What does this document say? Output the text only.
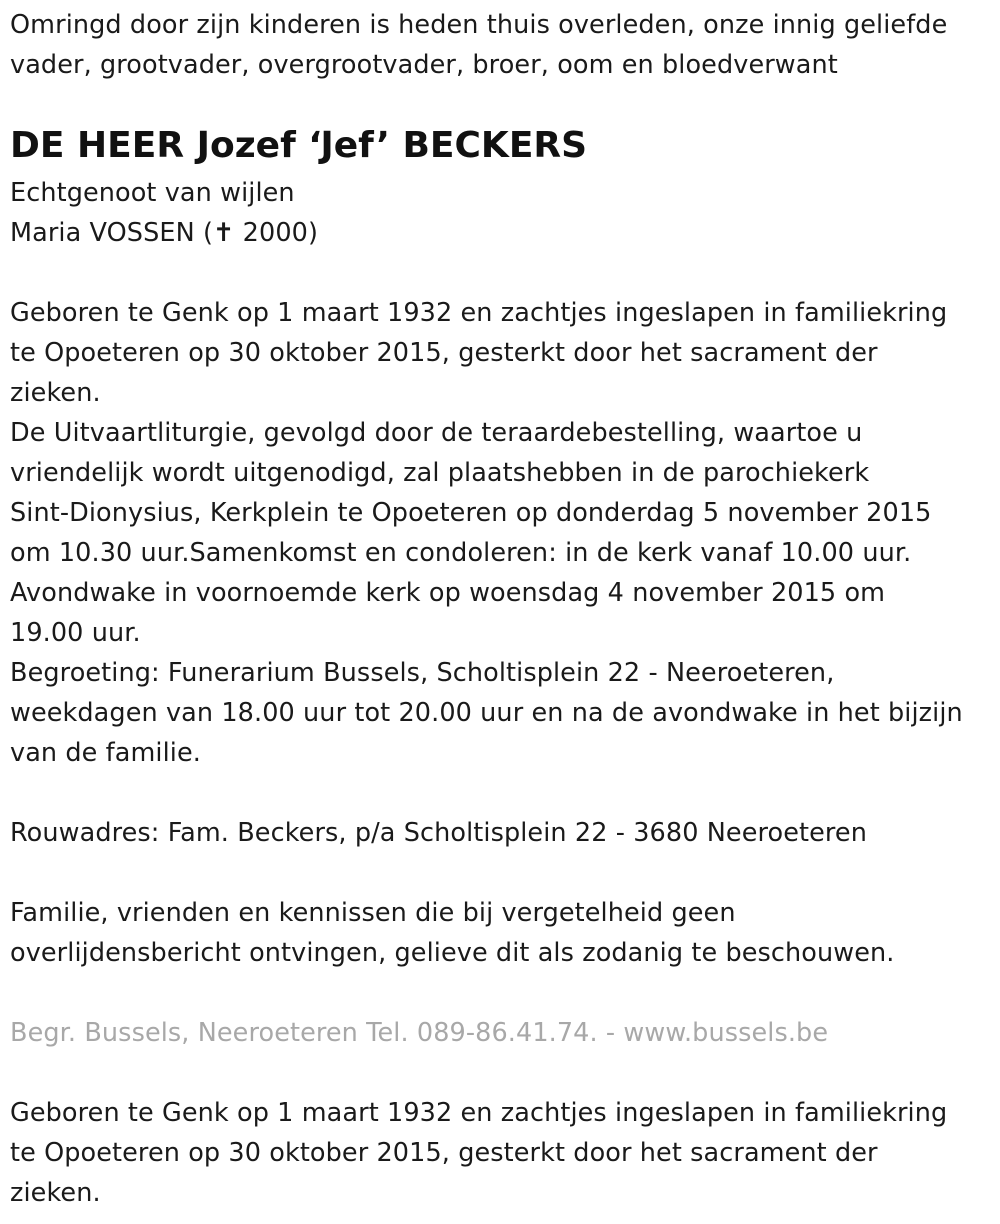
Omringd door zijn kinderen is heden thuis overleden, onze innig geliefde
vader, grootvader, overgrootvader, broer, oom en bloedverwant
DE HEER Jozef ‘Jef’ BECKERS
Echtgenoot van wijlen
Maria VOSSEN (✝ 2000)
Geboren te Genk op 1 maart 1932 en zachtjes ingeslapen in familiekring
te Opoeteren op 30 oktober 2015, gesterkt door het sacrament der
zieken.
De Uitvaartliturgie, gevolgd door de teraardebestelling, waartoe u
vriendelijk wordt uitgenodigd, zal plaatshebben in de parochiekerk
Sint-Dionysius, Kerkplein te Opoeteren op donderdag 5 november 2015
om 10.30 uur.Samenkomst en condoleren: in de kerk vanaf 10.00 uur.
Avondwake in voornoemde kerk op woensdag 4 november 2015 om
19.00 uur.
Begroeting: Funerarium Bussels, Scholtisplein 22 - Neeroeteren,
weekdagen van 18.00 uur tot 20.00 uur en na de avondwake in het bijzijn
van de familie.
Rouwadres: Fam. Beckers, p/a Scholtisplein 22 - 3680 Neeroeteren
Familie, vrienden en kennissen die bij vergetelheid geen
overlijdensbericht ontvingen, gelieve dit als zodanig te beschouwen.
Begr. Bussels, Neeroeteren Tel. 089-86.41.74. - www.bussels.be
Geboren te Genk op 1 maart 1932 en zachtjes ingeslapen in familiekring
te Opoeteren op 30 oktober 2015, gesterkt door het sacrament der
zieken.
